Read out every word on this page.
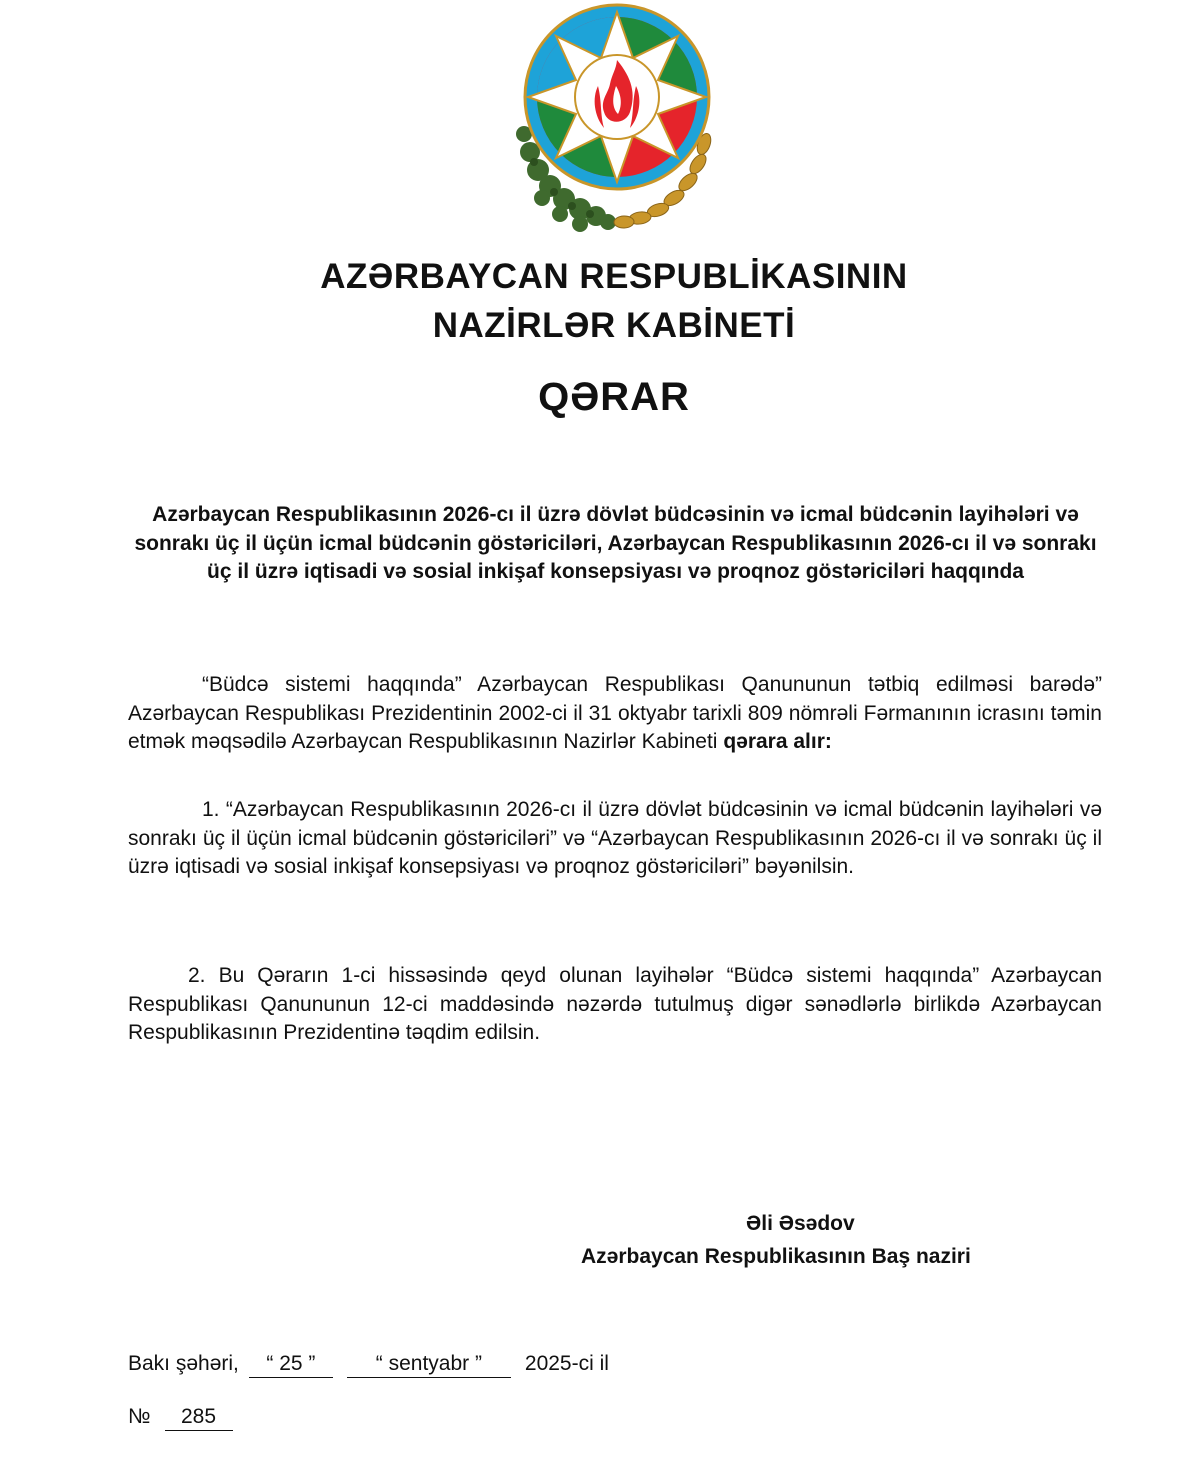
AZƏRBAYCAN RESPUBLİKASININ
NAZİRLƏR KABİNETİ
QƏRAR
Azərbaycan Respublikasının 2026-cı il üzrə dövlət büdcəsinin və icmal büdcənin layihələri və sonrakı üç il üçün icmal büdcənin göstəriciləri, Azərbaycan Respublikasının 2026-cı il və sonrakı üç il üzrə iqtisadi və sosial inkişaf konsepsiyası və proqnoz göstəriciləri haqqında
“Büdcə sistemi haqqında” Azərbaycan Respublikası Qanununun tətbiq edilməsi barədə” Azərbaycan Respublikası Prezidentinin 2002-ci il 31 oktyabr tarixli 809 nömrəli Fərmanının icrasını təmin etmək məqsədilə Azərbaycan Respublikasının Nazirlər Kabineti qərara alır:
1. “Azərbaycan Respublikasının 2026-cı il üzrə dövlət büdcəsinin və icmal büdcənin layihələri və sonrakı üç il üçün icmal büdcənin göstəriciləri” və “Azərbaycan Respublikasının 2026-cı il və sonrakı üç il üzrə iqtisadi və sosial inkişaf konsepsiyası və proqnoz göstəriciləri” bəyənilsin.
2. Bu Qərarın 1-ci hissəsində qeyd olunan layihələr “Büdcə sistemi haqqında” Azərbaycan Respublikası Qanununun 12-ci maddəsində nəzərdə tutulmuş digər sənədlərlə birlikdə Azərbaycan Respublikasının Prezidentinə təqdim edilsin.
Əli Əsədov
Azərbaycan Respublikasının Baş naziri
Bakı şəhəri, “ 25 ”	“ sentyabr ” 2025-ci il
№ 285
